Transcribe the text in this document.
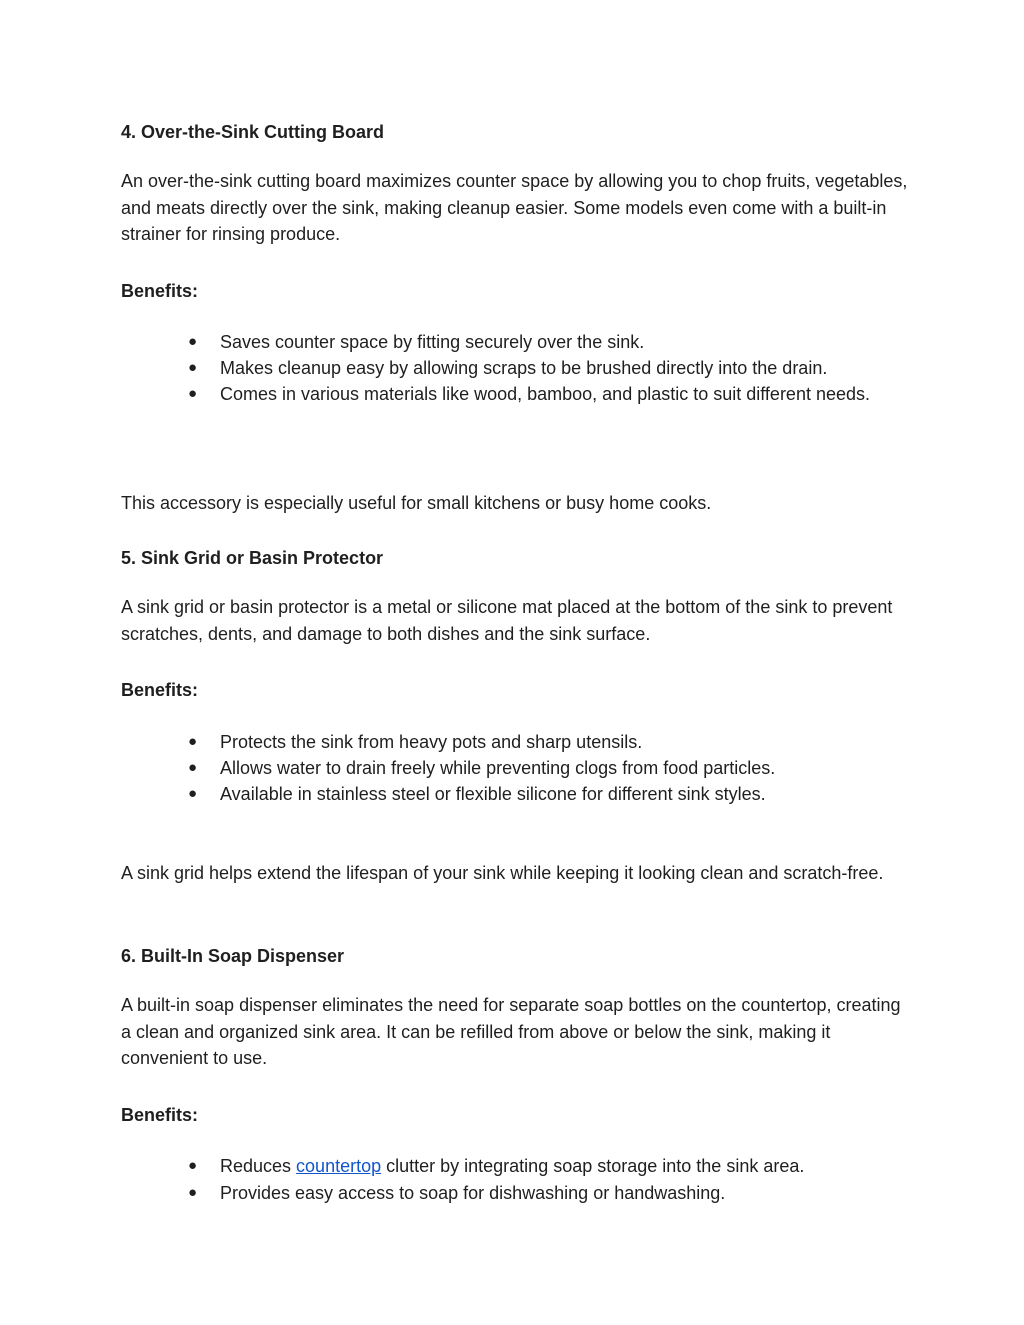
4. Over-the-Sink Cutting Board

An over-the-sink cutting board maximizes counter space by allowing you to chop fruits, vegetables, and meats directly over the sink, making cleanup easier. Some models even come with a built-in strainer for rinsing produce.

Benefits:

●	Saves counter space by fitting securely over the sink.
●	Makes cleanup easy by allowing scraps to be brushed directly into the drain.
●	Comes in various materials like wood, bamboo, and plastic to suit different needs.

This accessory is especially useful for small kitchens or busy home cooks.

5. Sink Grid or Basin Protector

A sink grid or basin protector is a metal or silicone mat placed at the bottom of the sink to prevent scratches, dents, and damage to both dishes and the sink surface.

Benefits:

●	Protects the sink from heavy pots and sharp utensils.
●	Allows water to drain freely while preventing clogs from food particles.
●	Available in stainless steel or flexible silicone for different sink styles.

A sink grid helps extend the lifespan of your sink while keeping it looking clean and scratch-free.

6. Built-In Soap Dispenser

A built-in soap dispenser eliminates the need for separate soap bottles on the countertop, creating a clean and organized sink area. It can be refilled from above or below the sink, making it convenient to use.

Benefits:

●	Reduces countertop clutter by integrating soap storage into the sink area.
●	Provides easy access to soap for dishwashing or handwashing.
